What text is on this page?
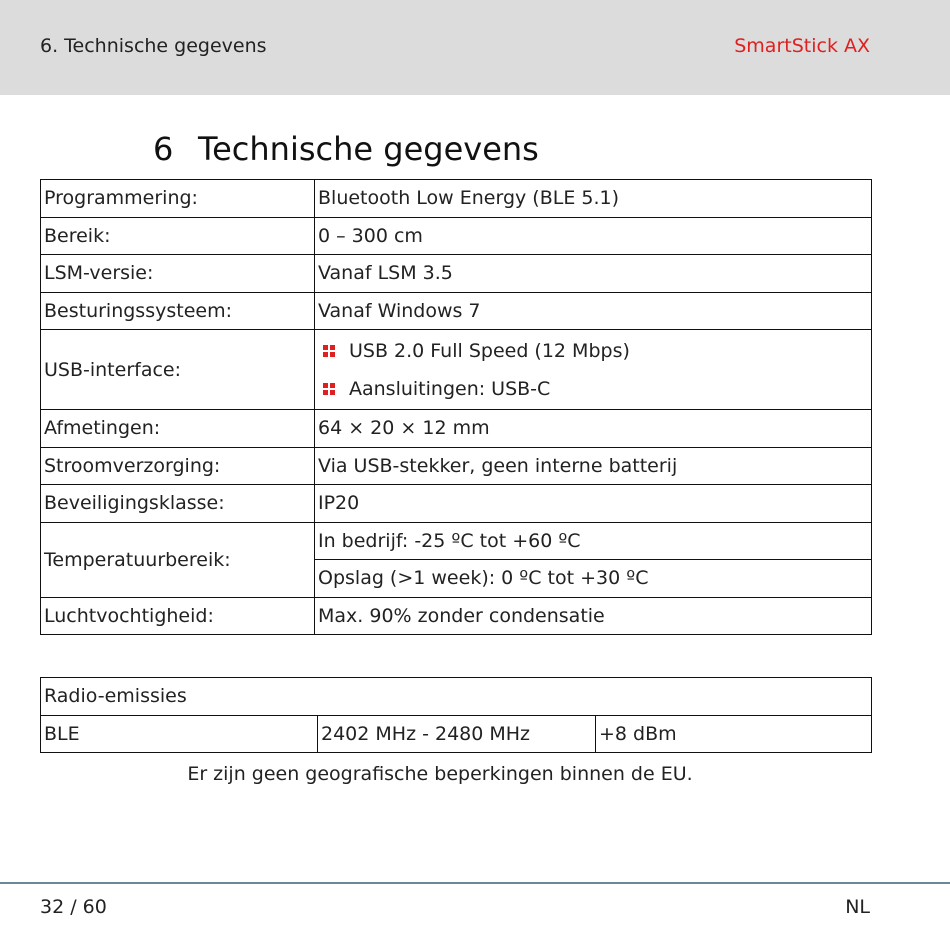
6. Technische gegevens	SmartStick AX
6 Technische gegevens
Programmering:	Bluetooth Low Energy (BLE 5.1)
Bereik:	0 – 300 cm
LSM-versie:	Vanaf LSM 3.5
Besturingssysteem:	Vanaf Windows 7
USB-interface:	USB 2.0 Full Speed (12 Mbps)
Aansluitingen: USB-C

Afmetingen:	64 × 20 × 12 mm
Stroomverzorging:	Via USB-stekker, geen interne batterij
Beveiligingsklasse:	IP20
Temperatuurbereik:	In bedrijf: -25 ºC tot +60 ºC
	Opslag (>1 week): 0 ºC tot +30 ºC
Luchtvochtigheid:	Max. 90% zonder condensatie
Radio-emissies
BLE	2402 MHz - 2480 MHz	+8 dBm
Er zijn geen geografische beperkingen binnen de EU.
32 / 60	NL
